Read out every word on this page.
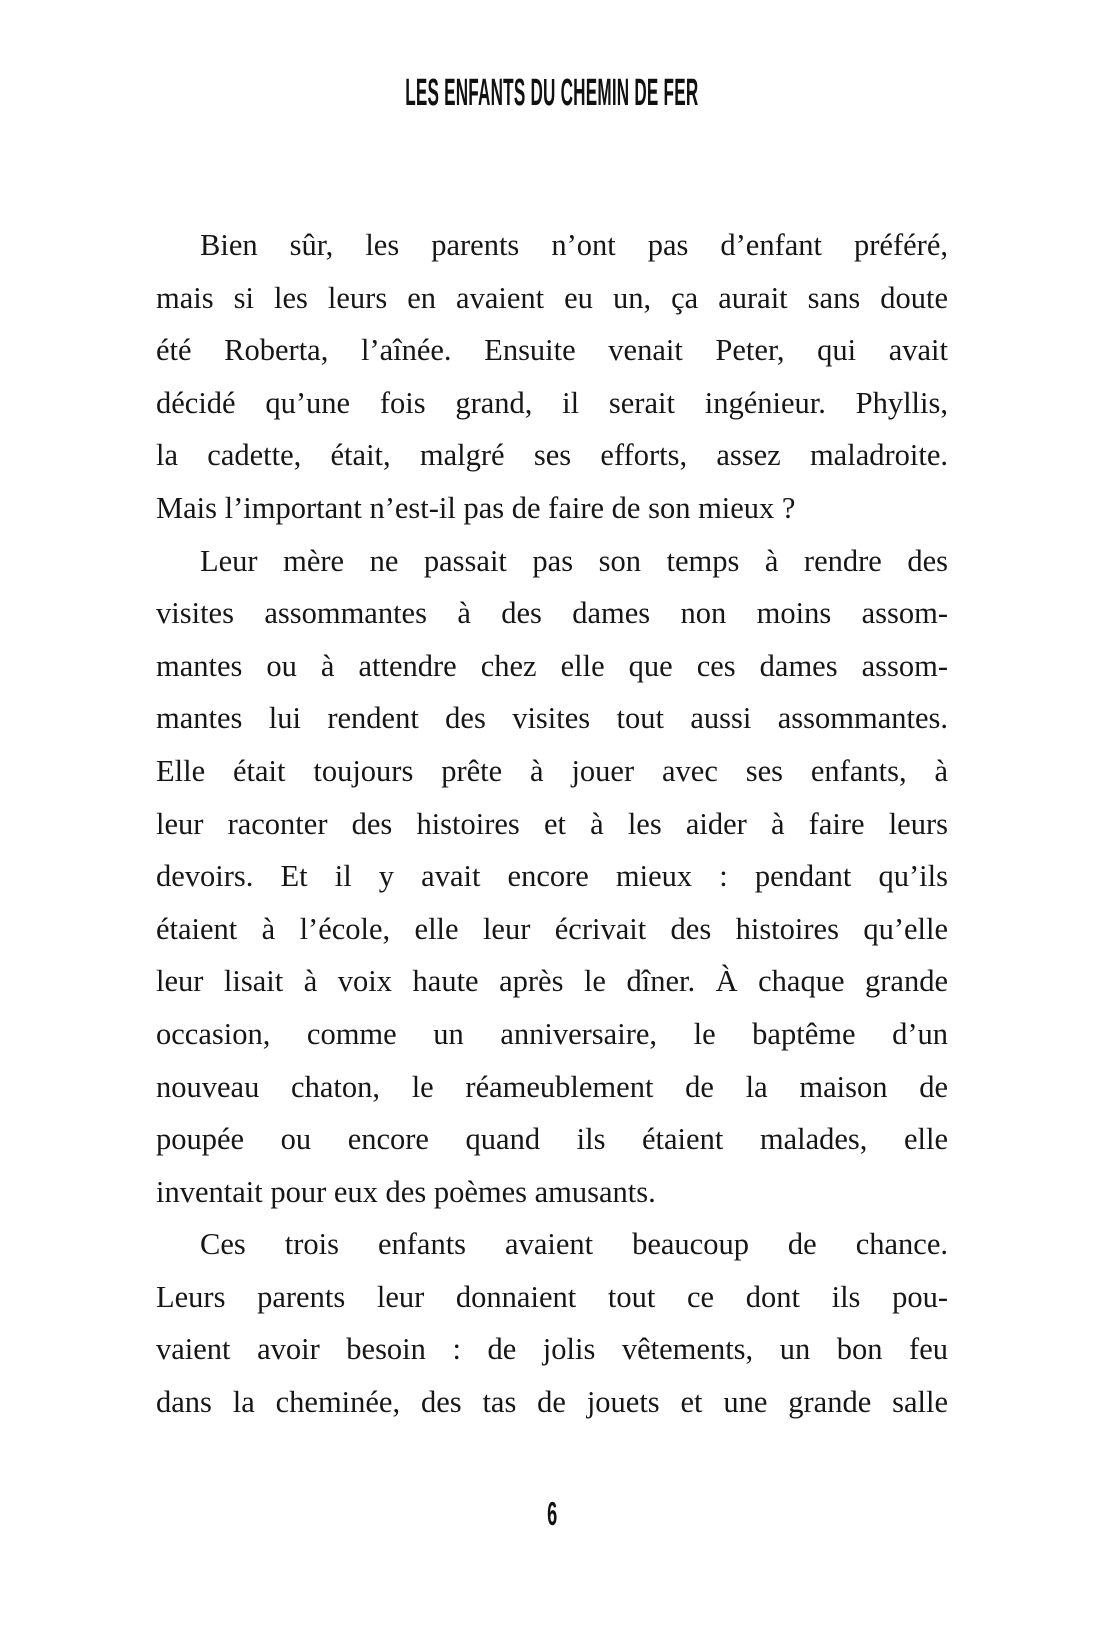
LES ENFANTS DU CHEMIN DE FER
Bien sûr, les parents n’ont pas d’enfant préféré,
mais si les leurs en avaient eu un, ça aurait sans doute
été Roberta, l’aînée. Ensuite venait Peter, qui avait
décidé qu’une fois grand, il serait ingénieur. Phyllis,
la cadette, était, malgré ses efforts, assez maladroite.
Mais l’important n’est-il pas de faire de son mieux ?
Leur mère ne passait pas son temps à rendre des
visites assommantes à des dames non moins assom-
mantes ou à attendre chez elle que ces dames assom-
mantes lui rendent des visites tout aussi assommantes.
Elle était toujours prête à jouer avec ses enfants, à
leur raconter des histoires et à les aider à faire leurs
devoirs. Et il y avait encore mieux : pendant qu’ils
étaient à l’école, elle leur écrivait des histoires qu’elle
leur lisait à voix haute après le dîner. À chaque grande
occasion, comme un anniversaire, le baptême d’un
nouveau chaton, le réameublement de la maison de
poupée ou encore quand ils étaient malades, elle
inventait pour eux des poèmes amusants.
Ces trois enfants avaient beaucoup de chance.
Leurs parents leur donnaient tout ce dont ils pou-
vaient avoir besoin : de jolis vêtements, un bon feu
dans la cheminée, des tas de jouets et une grande salle
6
